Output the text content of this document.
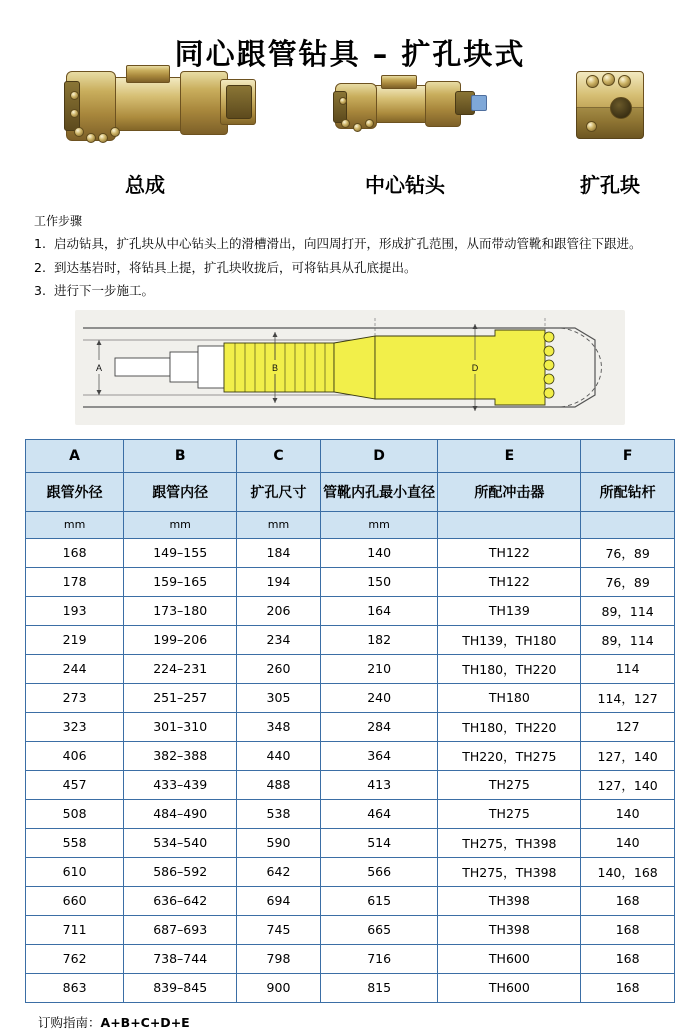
同心跟管钻具 – 扩孔块式
总成	中心钻头	扩孔块
工作步骤
1. 启动钻具，扩孔块从中心钻头上的滑槽滑出，向四周打开，形成扩孔范围，从而带动管靴和跟管往下跟进。
2. 到达基岩时，将钻具上提，扩孔块收拢后，可将钻具从孔底提出。
3. 进行下一步施工。
A	B	D
A	B	C	D	E	F
跟管外径	跟管内径	扩孔尺寸	管靴内孔最小直径	所配冲击器	所配钻杆
mm	mm	mm	mm		
168	149–155	184	140	TH122	76，89
178	159–165	194	150	TH122	76，89
193	173–180	206	164	TH139	89，114
219	199–206	234	182	TH139，TH180	89，114
244	224–231	260	210	TH180，TH220	114
273	251–257	305	240	TH180	114，127
323	301–310	348	284	TH180，TH220	127
406	382–388	440	364	TH220，TH275	127，140
457	433–439	488	413	TH275	127，140
508	484–490	538	464	TH275	140
558	534–540	590	514	TH275，TH398	140
610	586–592	642	566	TH275，TH398	140，168
660	636–642	694	615	TH398	168
711	687–693	745	665	TH398	168
762	738–744	798	716	TH600	168
863	839–845	900	815	TH600	168
订购指南：A+B+C+D+E
